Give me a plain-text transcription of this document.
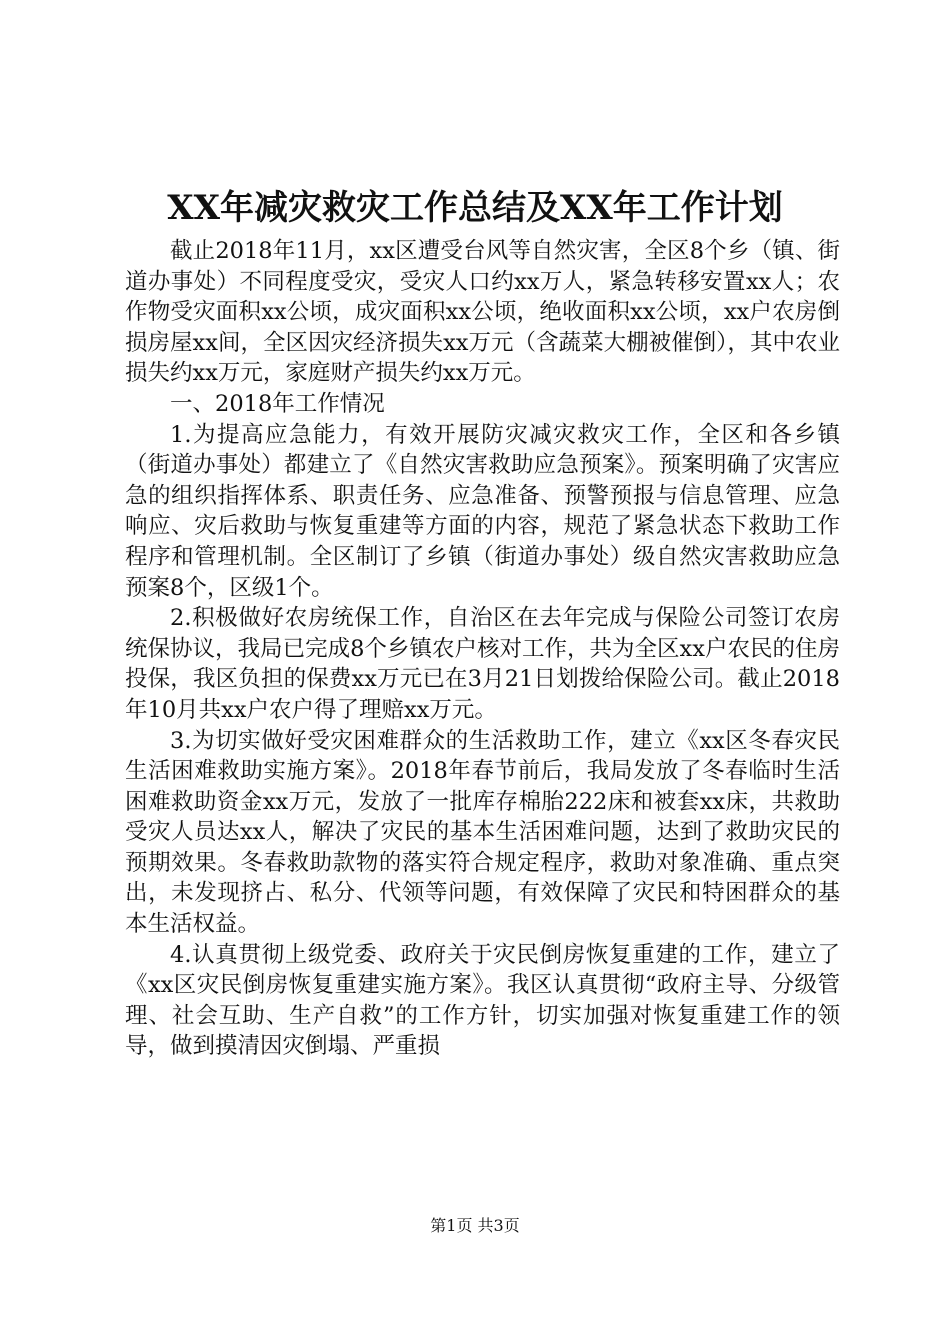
XX年减灾救灾工作总结及XX年工作计划

截止2018年11月，xx区遭受台风等自然灾害，全区8个乡（镇、街道办事处）不同程度受灾，受灾人口约xx万人，紧急转移安置xx人；农作物受灾面积xx公顷，成灾面积xx公顷，绝收面积xx公顷，xx户农房倒损房屋xx间，全区因灾经济损失xx万元（含蔬菜大棚被催倒），其中农业损失约xx万元，家庭财产损失约xx万元。

一、2018年工作情况

1.为提高应急能力，有效开展防灾减灾救灾工作，全区和各乡镇（街道办事处）都建立了《自然灾害救助应急预案》。预案明确了灾害应急的组织指挥体系、职责任务、应急准备、预警预报与信息管理、应急响应、灾后救助与恢复重建等方面的内容，规范了紧急状态下救助工作程序和管理机制。全区制订了乡镇（街道办事处）级自然灾害救助应急预案8个，区级1个。

2.积极做好农房统保工作，自治区在去年完成与保险公司签订农房统保协议，我局已完成8个乡镇农户核对工作，共为全区xx户农民的住房投保，我区负担的保费xx万元已在3月21日划拨给保险公司。截止2018年10月共xx户农户得了理赔xx万元。

3.为切实做好受灾困难群众的生活救助工作，建立《xx区冬春灾民生活困难救助实施方案》。2018年春节前后，我局发放了冬春临时生活困难救助资金xx万元，发放了一批库存棉胎222床和被套xx床，共救助受灾人员达xx人，解决了灾民的基本生活困难问题，达到了救助灾民的预期效果。冬春救助款物的落实符合规定程序，救助对象准确、重点突出，未发现挤占、私分、代领等问题，有效保障了灾民和特困群众的基本生活权益。

4.认真贯彻上级党委、政府关于灾民倒房恢复重建的工作，建立了《xx区灾民倒房恢复重建实施方案》。我区认真贯彻“政府主导、分级管理、社会互助、生产自救”的工作方针，切实加强对恢复重建工作的领导，做到摸清因灾倒塌、严重损

第1页 共3页
